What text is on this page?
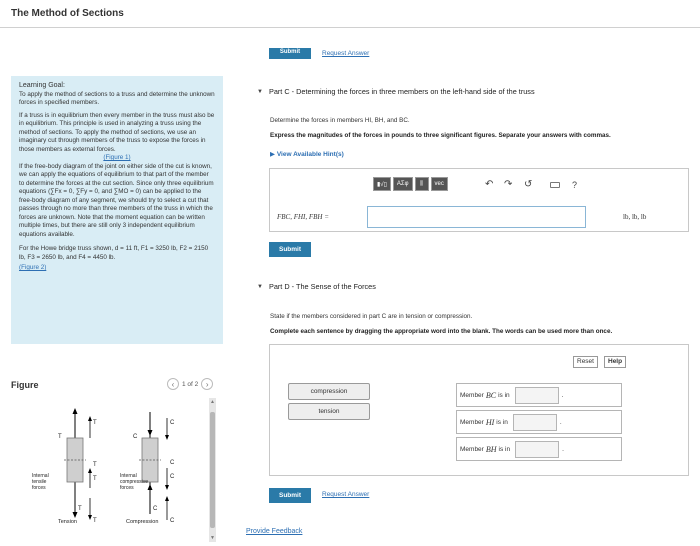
The Method of Sections

Learning Goal:

To apply the method of sections to a truss and determine the unknown forces in specified members.

If a truss is in equilibrium then every member in the truss must also be in equilibrium. This principle is used in analyzing a truss using the method of sections. To apply the method of sections, we use an imaginary cut through members of the truss to expose the forces in those members as external forces.

(Figure 1)

If the free-body diagram of the joint on either side of the cut is known, we can apply the equations of equilibrium to that part of the member to determine the forces at the cut section. Since only three equilibrium equations (∑Fx = 0, ∑Fy = 0, and ∑MO = 0) can be applied to the free-body diagram of any segment, we should try to select a cut that passes through no more than three members of the truss in which the forces are unknown. Note that the moment equation can be written multiple times, but there are still only 3 independent equilibrium equations available.

For the Howe bridge truss shown, d = 11 ft, F1 = 3250 lb, F2 = 2150 lb, F3 = 2650 lb, and F4 = 4450 lb.

(Figure 2)
Figure	‹	1 of 2 ›
T
T
T
T
T
T
Internal
tensile
forces
Tension
C
C
C
C
C
C
Internal
compressive
forces
Compression
▲
▼
Submit	Request Answer
▼ Part C - Determining the forces in three members on the left-hand side of the truss
Determine the forces in members HI, BH, and BC.
Express the magnitudes of the forces in pounds to three significant figures. Separate your answers with commas.
▶ View Available Hint(s)
▮√▯	AΣφ	⫼	vec	↶ ↷ ↺	?
FBC, FHI, FBH =	lb, lb, lb
Submit
▼ Part D - The Sense of the Forces
State if the members considered in part C are in tension or compression.
Complete each sentence by dragging the appropriate word into the blank. The words can be used more than once.
Reset	Help
compression
tension
Member BC is in	.
Member HI is in	.
Member BH is in	.
Submit	Request Answer
Provide Feedback
